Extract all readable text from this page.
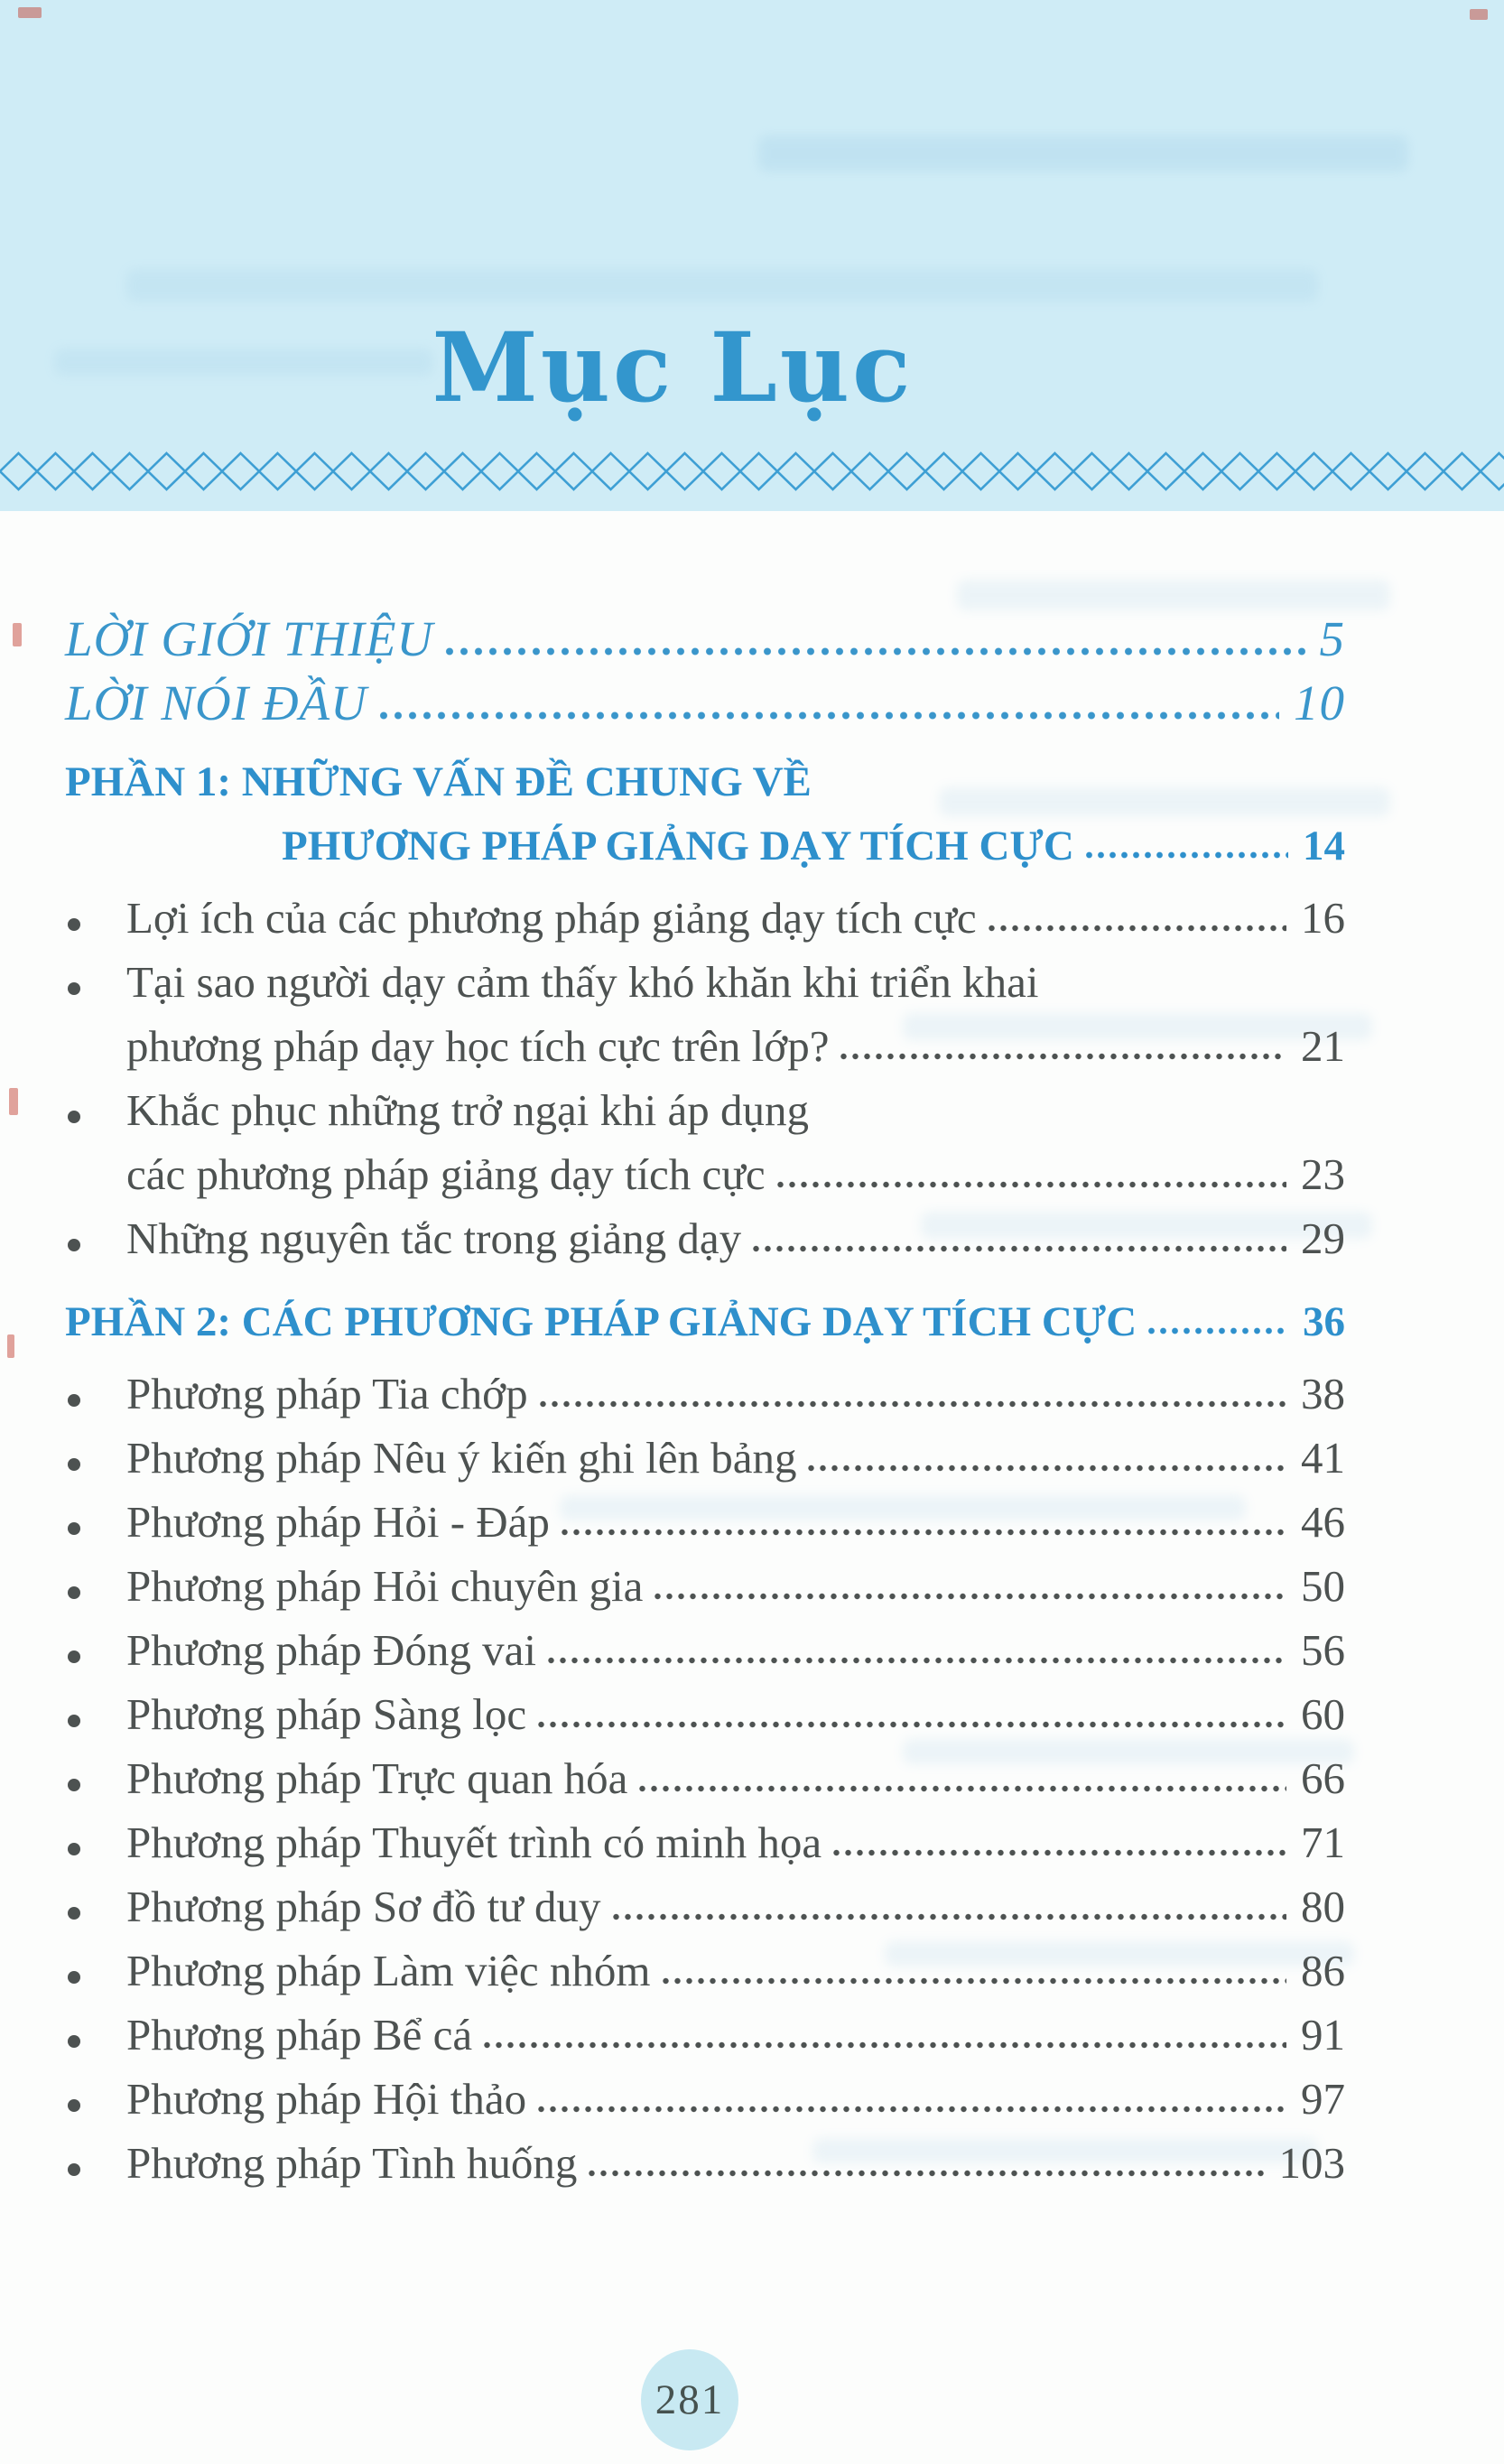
Mục Lục
LỜI GIỚI THIỆU	5
LỜI NÓI ĐẦU	10
PHẦN 1: NHỮNG VẤN ĐỀ CHUNG VỀ
PHƯƠNG PHÁP GIẢNG DẠY TÍCH CỰC	14
Lợi ích của các phương pháp giảng dạy tích cực	16
Tại sao người dạy cảm thấy khó khăn khi triển khai
phương pháp dạy học tích cực trên lớp?	21
Khắc phục những trở ngại khi áp dụng
các phương pháp giảng dạy tích cực	23
Những nguyên tắc trong giảng dạy	29
PHẦN 2: CÁC PHƯƠNG PHÁP GIẢNG DẠY TÍCH CỰC	36
Phương pháp Tia chớp	38
Phương pháp Nêu ý kiến ghi lên bảng	41
Phương pháp Hỏi - Đáp	46
Phương pháp Hỏi chuyên gia	50
Phương pháp Đóng vai	56
Phương pháp Sàng lọc	60
Phương pháp Trực quan hóa	66
Phương pháp Thuyết trình có minh họa	71
Phương pháp Sơ đồ tư duy	80
Phương pháp Làm việc nhóm	86
Phương pháp Bể cá	91
Phương pháp Hội thảo	97
Phương pháp Tình huống	103
281
